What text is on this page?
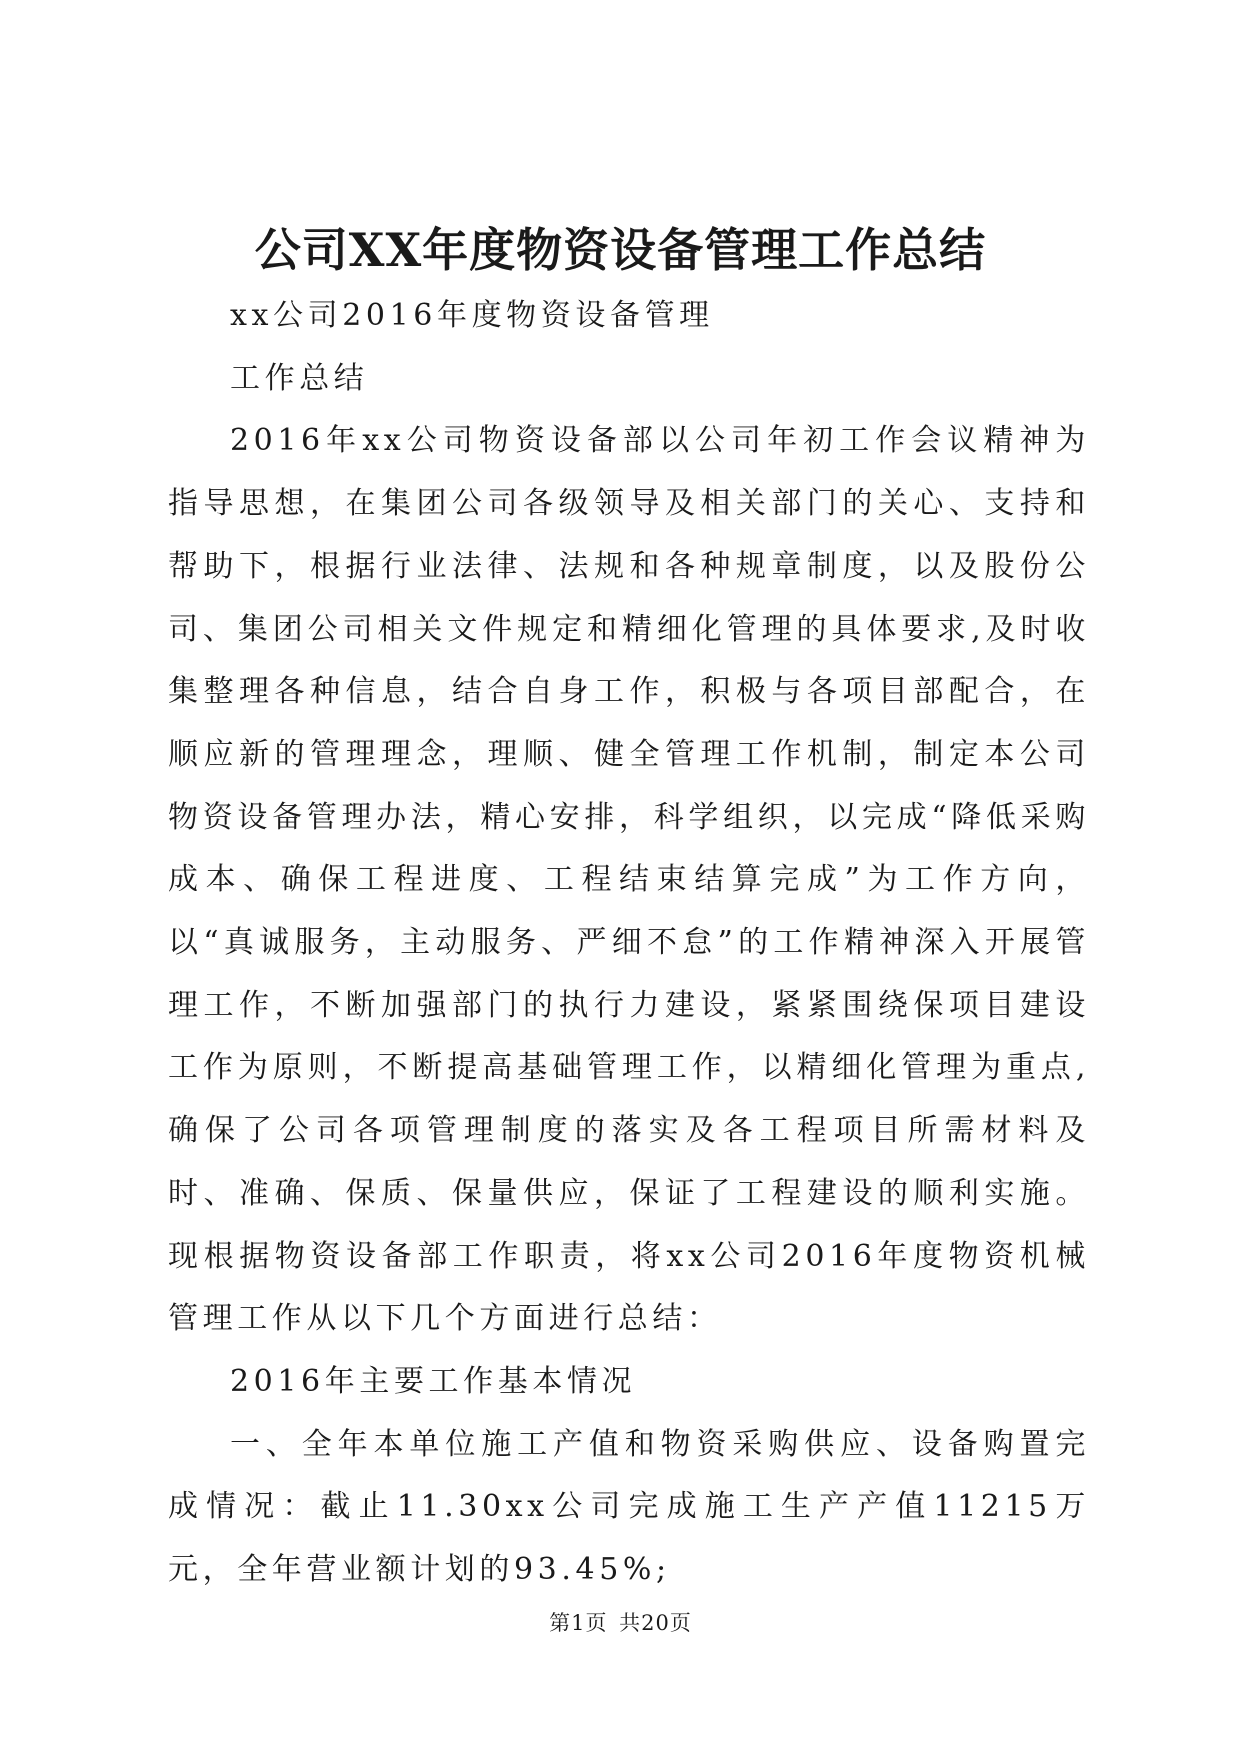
公司XX年度物资设备管理工作总结

xx公司2016年度物资设备管理

工作总结

2016年xx公司物资设备部以公司年初工作会议精神为指导思想，在集团公司各级领导及相关部门的关心、支持和帮助下，根据行业法律、法规和各种规章制度，以及股份公司、集团公司相关文件规定和精细化管理的具体要求,及时收集整理各种信息，结合自身工作，积极与各项目部配合，在顺应新的管理理念，理顺、健全管理工作机制，制定本公司物资设备管理办法，精心安排，科学组织，以完成“降低采购成本、确保工程进度、工程结束结算完成”为工作方向，以“真诚服务，主动服务、严细不怠”的工作精神深入开展管理工作，不断加强部门的执行力建设，紧紧围绕保项目建设工作为原则，不断提高基础管理工作，以精细化管理为重点,确保了公司各项管理制度的落实及各工程项目所需材料及时、准确、保质、保量供应，保证了工程建设的顺利实施。现根据物资设备部工作职责，将xx公司2016年度物资机械管理工作从以下几个方面进行总结：

2016年主要工作基本情况

一、全年本单位施工产值和物资采购供应、设备购置完成情况：截止11.30xx公司完成施工生产产值11215万元，全年营业额计划的93.45%;

第1页 共20页
